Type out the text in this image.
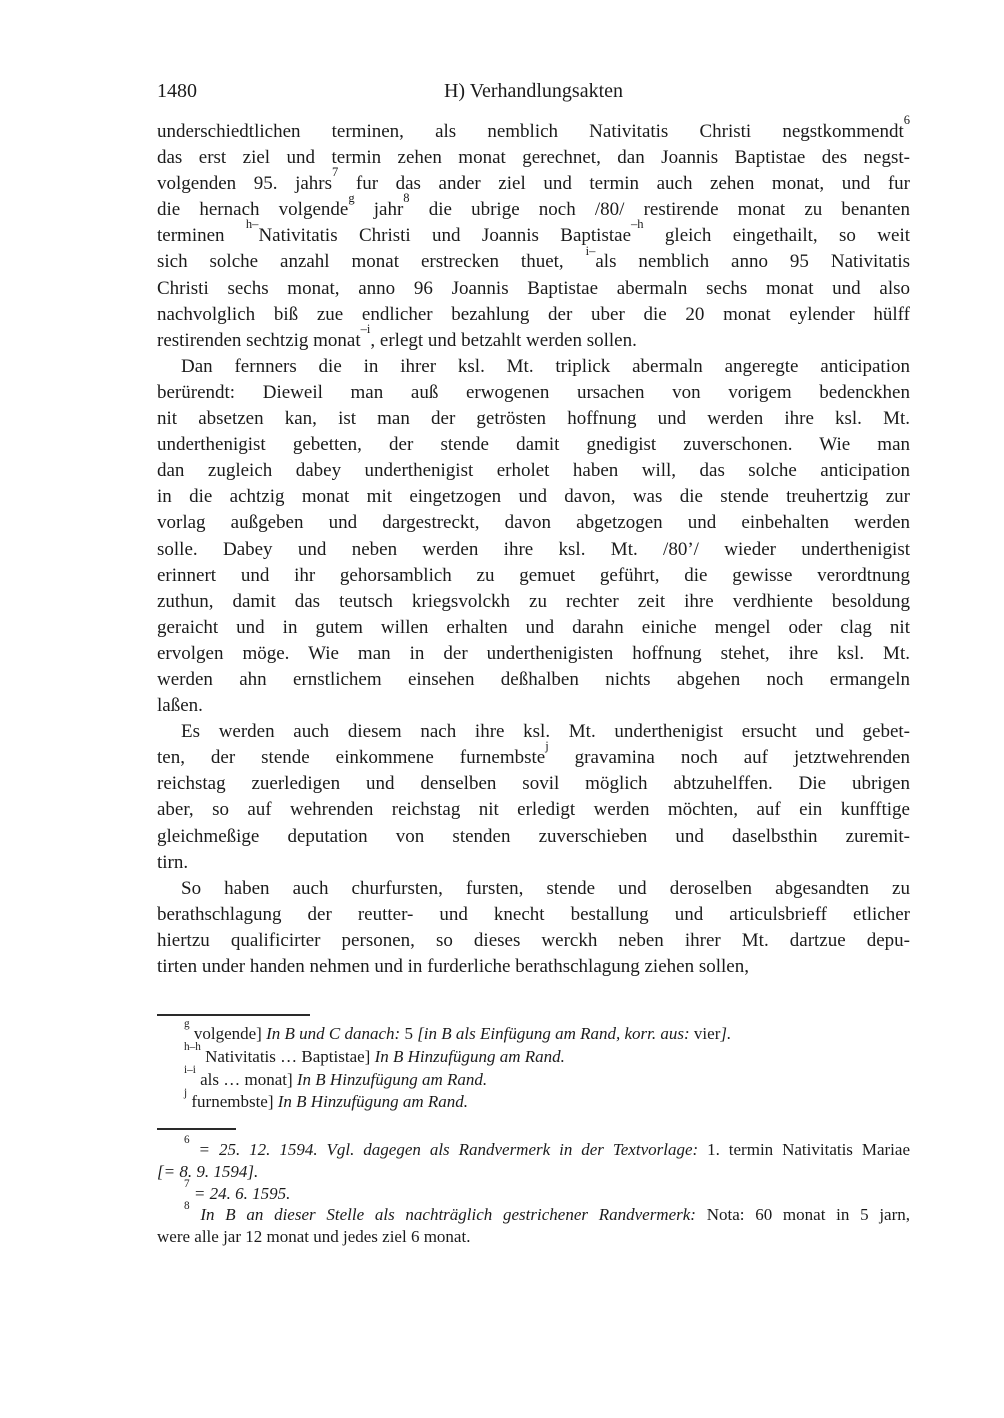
1480	H) Verhandlungsakten
underschiedtlichen terminen, als nemblich Nativitatis Christi negstkommendt$^6$
das erst ziel und termin zehen monat gerechnet, dan Joannis Baptistae des negst-
volgenden 95. jahrs$^7$ fur das ander ziel und termin auch zehen monat, und fur
die hernach volgende$^g$ jahr$^8$ die ubrige noch /80/ restirende monat zu benanten
terminen $^{h-}$Nativitatis Christi und Joannis Baptistae$^{-h}$ gleich eingethailt, so weit
sich solche anzahl monat erstrecken thuet, $^{i-}$als nemblich anno 95 Nativitatis
Christi sechs monat, anno 96 Joannis Baptistae abermaln sechs monat und also
nachvolglich biß zue endlicher bezahlung der uber die 20 monat eylender hülff
restirenden sechtzig monat$^{-i}$, erlegt und betzahlt werden sollen.
Dan fernners die in ihrer ksl. Mt. triplick abermaln angeregte anticipation
berürendt: Dieweil man auß erwogenen ursachen von vorigem bedenckhen
nit absetzen kan, ist man der getrösten hoffnung und werden ihre ksl. Mt.
underthenigist gebetten, der stende damit gnedigist zuverschonen. Wie man
dan zugleich dabey underthenigist erholet haben will, das solche anticipation
in die achtzig monat mit eingetzogen und davon, was die stende treuhertzig zur
vorlag außgeben und dargestreckt, davon abgetzogen und einbehalten werden
solle. Dabey und neben werden ihre ksl. Mt. /80’/ wieder underthenigist
erinnert und ihr gehorsamblich zu gemuet geführt, die gewisse verordtnung
zuthun, damit das teutsch kriegsvolckh zu rechter zeit ihre verdhiente besoldung
geraicht und in gutem willen erhalten und darahn einiche mengel oder clag nit
ervolgen möge. Wie man in der underthenigisten hoffnung stehet, ihre ksl. Mt.
werden ahn ernstlichem einsehen deßhalben nichts abgehen noch ermangeln
laßen.
Es werden auch diesem nach ihre ksl. Mt. underthenigist ersucht und gebet-
ten, der stende einkommene furnembste$^j$ gravamina noch auf jetztwehrenden
reichstag zuerledigen und denselben sovil möglich abtzuhelffen. Die ubrigen
aber, so auf wehrenden reichstag nit erledigt werden möchten, auf ein kunfftige
gleichmeßige deputation von stenden zuverschieben und daselbsthin zuremit-
tirn.
So haben auch churfursten, fursten, stende und deroselben abgesandten zu
berathschlagung der reutter- und knecht bestallung und articulsbrieff etlicher
hiertzu qualificirter personen, so dieses werckh neben ihrer Mt. dartzue depu-
tirten under handen nehmen und in furderliche berathschlagung ziehen sollen,
$^g$ volgende] In B und C danach: 5 [in B als Einfügung am Rand, korr. aus: vier].
$^{h-h}$ Nativitatis … Baptistae] In B Hinzufügung am Rand.
$^{i-i}$ als … monat] In B Hinzufügung am Rand.
$^j$ furnembste] In B Hinzufügung am Rand.
$^6$ = 25. 12. 1594. Vgl. dagegen als Randvermerk in der Textvorlage: 1. termin Nativitatis Mariae
[= 8. 9. 1594].
$^7$ = 24. 6. 1595.
$^8$ In B an dieser Stelle als nachträglich gestrichener Randvermerk: Nota: 60 monat in 5 jarn,
were alle jar 12 monat und jedes ziel 6 monat.
